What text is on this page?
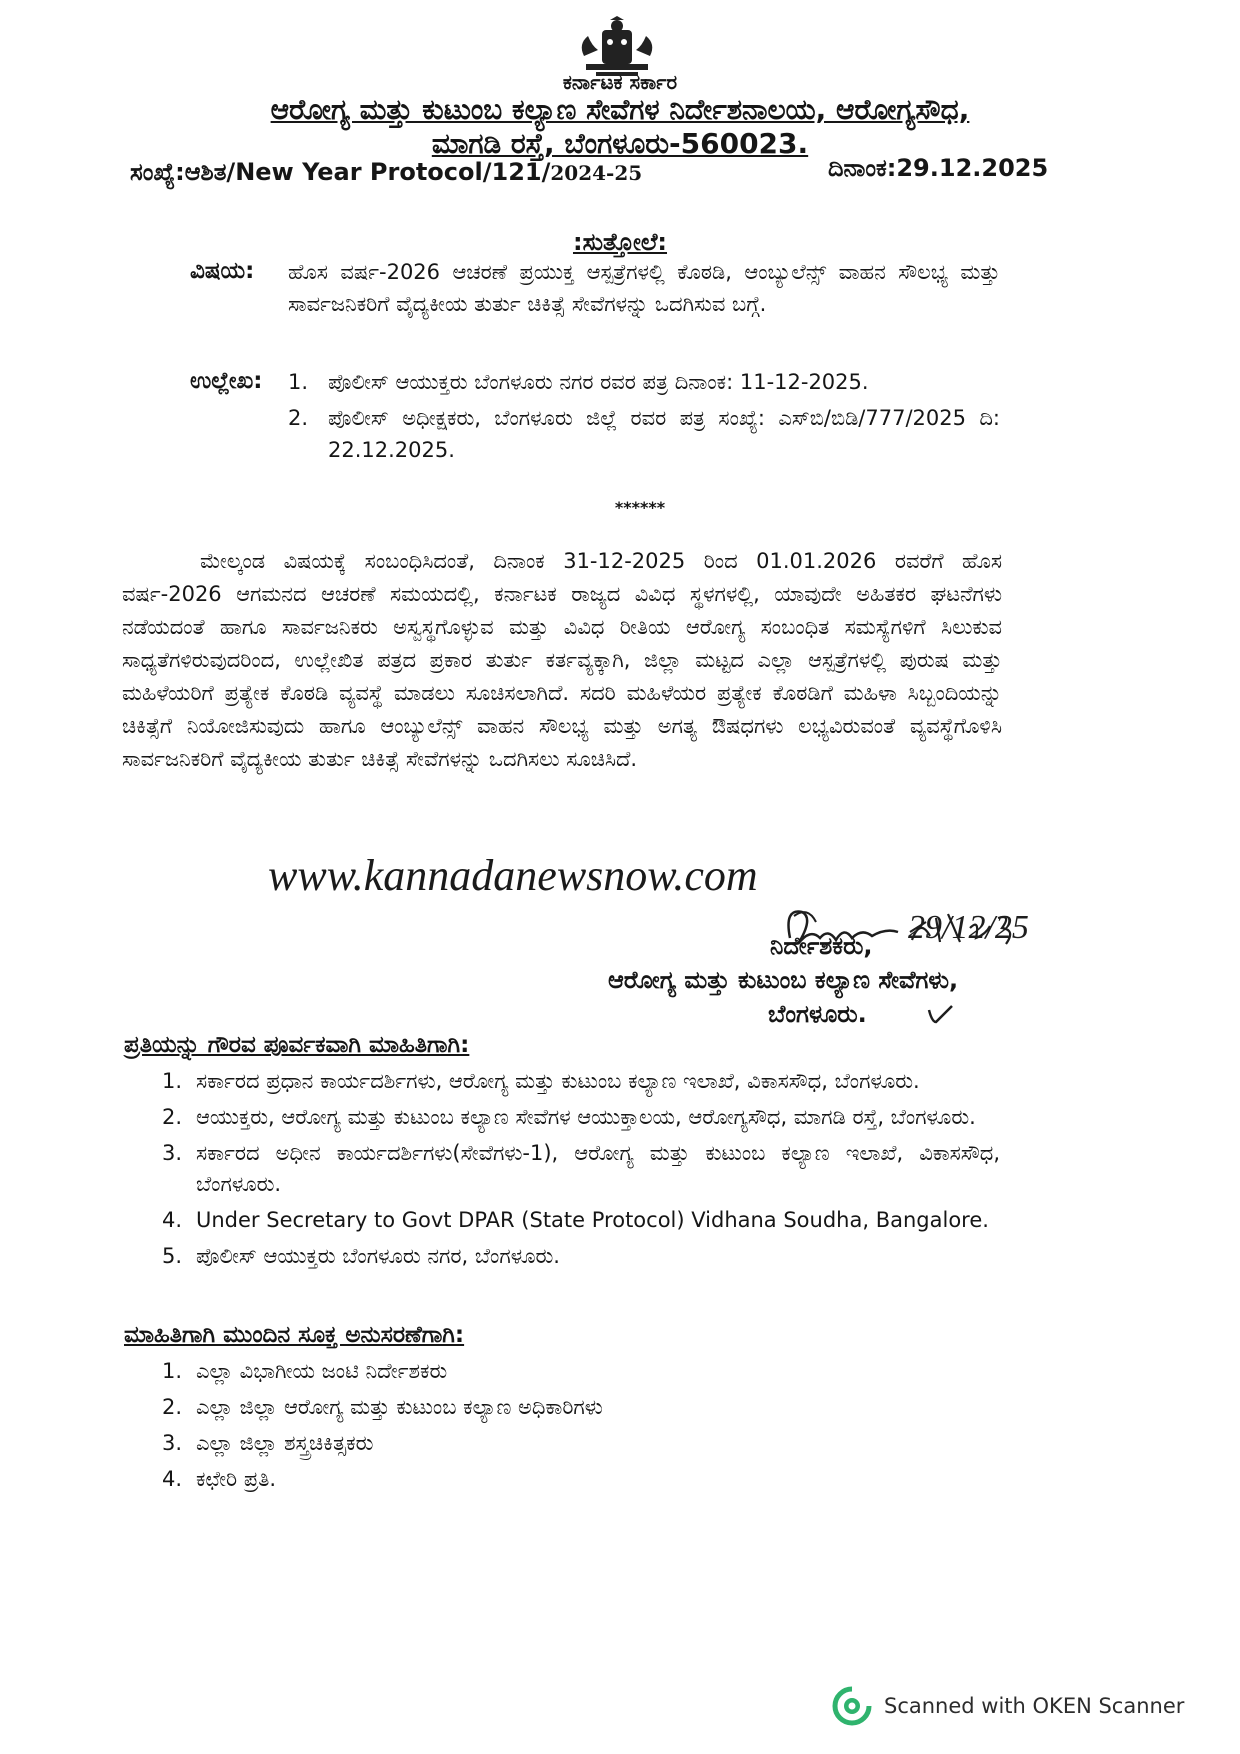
ಕರ್ನಾಟಕ ಸರ್ಕಾರ
ಆರೋಗ್ಯ ಮತ್ತು ಕುಟುಂಬ ಕಲ್ಯಾಣ ಸೇವೆಗಳ ನಿರ್ದೇಶನಾಲಯ, ಆರೋಗ್ಯಸೌಧ,
ಮಾಗಡಿ ರಸ್ತೆ, ಬೆಂಗಳೂರು-560023.
ಸಂಖ್ಯೆ:ಆಶಿತ/New Year Protocol/121/2024-25	ದಿನಾಂಕ:29.12.2025
:ಸುತ್ತೋಲೆ:
ವಿಷಯ: ಹೊಸ ವರ್ಷ-2026 ಆಚರಣೆ ಪ್ರಯುಕ್ತ ಆಸ್ಪತ್ರೆಗಳಲ್ಲಿ ಕೊಠಡಿ, ಆಂಬ್ಯುಲೆನ್ಸ್ ವಾಹನ ಸೌಲಭ್ಯ ಮತ್ತು ಸಾರ್ವಜನಿಕರಿಗೆ ವೈದ್ಯಕೀಯ ತುರ್ತು ಚಿಕಿತ್ಸೆ ಸೇವೆಗಳನ್ನು ಒದಗಿಸುವ ಬಗ್ಗೆ.
ಉಲ್ಲೇಖ: 1. ಪೊಲೀಸ್ ಆಯುಕ್ತರು ಬೆಂಗಳೂರು ನಗರ ರವರ ಪತ್ರ ದಿನಾಂಕ: 11-12-2025.
2. ಪೊಲೀಸ್ ಅಧೀಕ್ಷಕರು, ಬೆಂಗಳೂರು ಜಿಲ್ಲೆ ರವರ ಪತ್ರ ಸಂಖ್ಯೆ: ಎಸ್‌ಬಿ/ಬಿಡಿ/777/2025 ದಿ: 22.12.2025.
******
ಮೇಲ್ಕಂಡ ವಿಷಯಕ್ಕೆ ಸಂಬಂಧಿಸಿದಂತೆ, ದಿನಾಂಕ 31-12-2025 ರಿಂದ 01.01.2026 ರವರೆಗೆ ಹೊಸ ವರ್ಷ-2026 ಆಗಮನದ ಆಚರಣೆ ಸಮಯದಲ್ಲಿ, ಕರ್ನಾಟಕ ರಾಜ್ಯದ ವಿವಿಧ ಸ್ಥಳಗಳಲ್ಲಿ, ಯಾವುದೇ ಅಹಿತಕರ ಘಟನೆಗಳು ನಡೆಯದಂತೆ ಹಾಗೂ ಸಾರ್ವಜನಿಕರು ಅಸ್ವಸ್ಥಗೊಳ್ಳುವ ಮತ್ತು ವಿವಿಧ ರೀತಿಯ ಆರೋಗ್ಯ ಸಂಬಂಧಿತ ಸಮಸ್ಯೆಗಳಿಗೆ ಸಿಲುಕುವ ಸಾಧ್ಯತೆಗಳಿರುವುದರಿಂದ, ಉಲ್ಲೇಖಿತ ಪತ್ರದ ಪ್ರಕಾರ ತುರ್ತು ಕರ್ತವ್ಯಕ್ಕಾಗಿ, ಜಿಲ್ಲಾ ಮಟ್ಟದ ಎಲ್ಲಾ ಆಸ್ಪತ್ರೆಗಳಲ್ಲಿ ಪುರುಷ ಮತ್ತು ಮಹಿಳೆಯರಿಗೆ ಪ್ರತ್ಯೇಕ ಕೊಠಡಿ ವ್ಯವಸ್ಥೆ ಮಾಡಲು ಸೂಚಿಸಲಾಗಿದೆ. ಸದರಿ ಮಹಿಳೆಯರ ಪ್ರತ್ಯೇಕ ಕೊಠಡಿಗೆ ಮಹಿಳಾ ಸಿಬ್ಬಂದಿಯನ್ನು ಚಿಕಿತ್ಸೆಗೆ ನಿಯೋಜಿಸುವುದು ಹಾಗೂ ಆಂಬ್ಯುಲೆನ್ಸ್ ವಾಹನ ಸೌಲಭ್ಯ ಮತ್ತು ಅಗತ್ಯ ಔಷಧಗಳು ಲಭ್ಯವಿರುವಂತೆ ವ್ಯವಸ್ಥೆಗೊಳಿಸಿ ಸಾರ್ವಜನಿಕರಿಗೆ ವೈದ್ಯಕೀಯ ತುರ್ತು ಚಿಕಿತ್ಸೆ ಸೇವೆಗಳನ್ನು ಒದಗಿಸಲು ಸೂಚಿಸಿದೆ.
www.kannadanewsnow.com
29/12/25
ನಿರ್ದೇಶಕರು,
ಆರೋಗ್ಯ ಮತ್ತು ಕುಟುಂಬ ಕಲ್ಯಾಣ ಸೇವೆಗಳು,
ಬೆಂಗಳೂರು.
ಪ್ರತಿಯನ್ನು ಗೌರವ ಪೂರ್ವಕವಾಗಿ ಮಾಹಿತಿಗಾಗಿ:
1. ಸರ್ಕಾರದ ಪ್ರಧಾನ ಕಾರ್ಯದರ್ಶಿಗಳು, ಆರೋಗ್ಯ ಮತ್ತು ಕುಟುಂಬ ಕಲ್ಯಾಣ ಇಲಾಖೆ, ವಿಕಾಸಸೌಧ, ಬೆಂಗಳೂರು.
2. ಆಯುಕ್ತರು, ಆರೋಗ್ಯ ಮತ್ತು ಕುಟುಂಬ ಕಲ್ಯಾಣ ಸೇವೆಗಳ ಆಯುಕ್ತಾಲಯ, ಆರೋಗ್ಯಸೌಧ, ಮಾಗಡಿ ರಸ್ತೆ, ಬೆಂಗಳೂರು.
3. ಸರ್ಕಾರದ ಅಧೀನ ಕಾರ್ಯದರ್ಶಿಗಳು(ಸೇವೆಗಳು-1), ಆರೋಗ್ಯ ಮತ್ತು ಕುಟುಂಬ ಕಲ್ಯಾಣ ಇಲಾಖೆ, ವಿಕಾಸಸೌಧ, ಬೆಂಗಳೂರು.
4. Under Secretary to Govt DPAR (State Protocol) Vidhana Soudha, Bangalore.
5. ಪೊಲೀಸ್ ಆಯುಕ್ತರು ಬೆಂಗಳೂರು ನಗರ, ಬೆಂಗಳೂರು.
ಮಾಹಿತಿಗಾಗಿ ಮುಂದಿನ ಸೂಕ್ತ ಅನುಸರಣೆಗಾಗಿ:
1. ಎಲ್ಲಾ ವಿಭಾಗೀಯ ಜಂಟಿ ನಿರ್ದೇಶಕರು
2. ಎಲ್ಲಾ ಜಿಲ್ಲಾ ಆರೋಗ್ಯ ಮತ್ತು ಕುಟುಂಬ ಕಲ್ಯಾಣ ಅಧಿಕಾರಿಗಳು
3. ಎಲ್ಲಾ ಜಿಲ್ಲಾ ಶಸ್ತ್ರಚಿಕಿತ್ಸಕರು
4. ಕಛೇರಿ ಪ್ರತಿ.
Scanned with OKEN Scanner
